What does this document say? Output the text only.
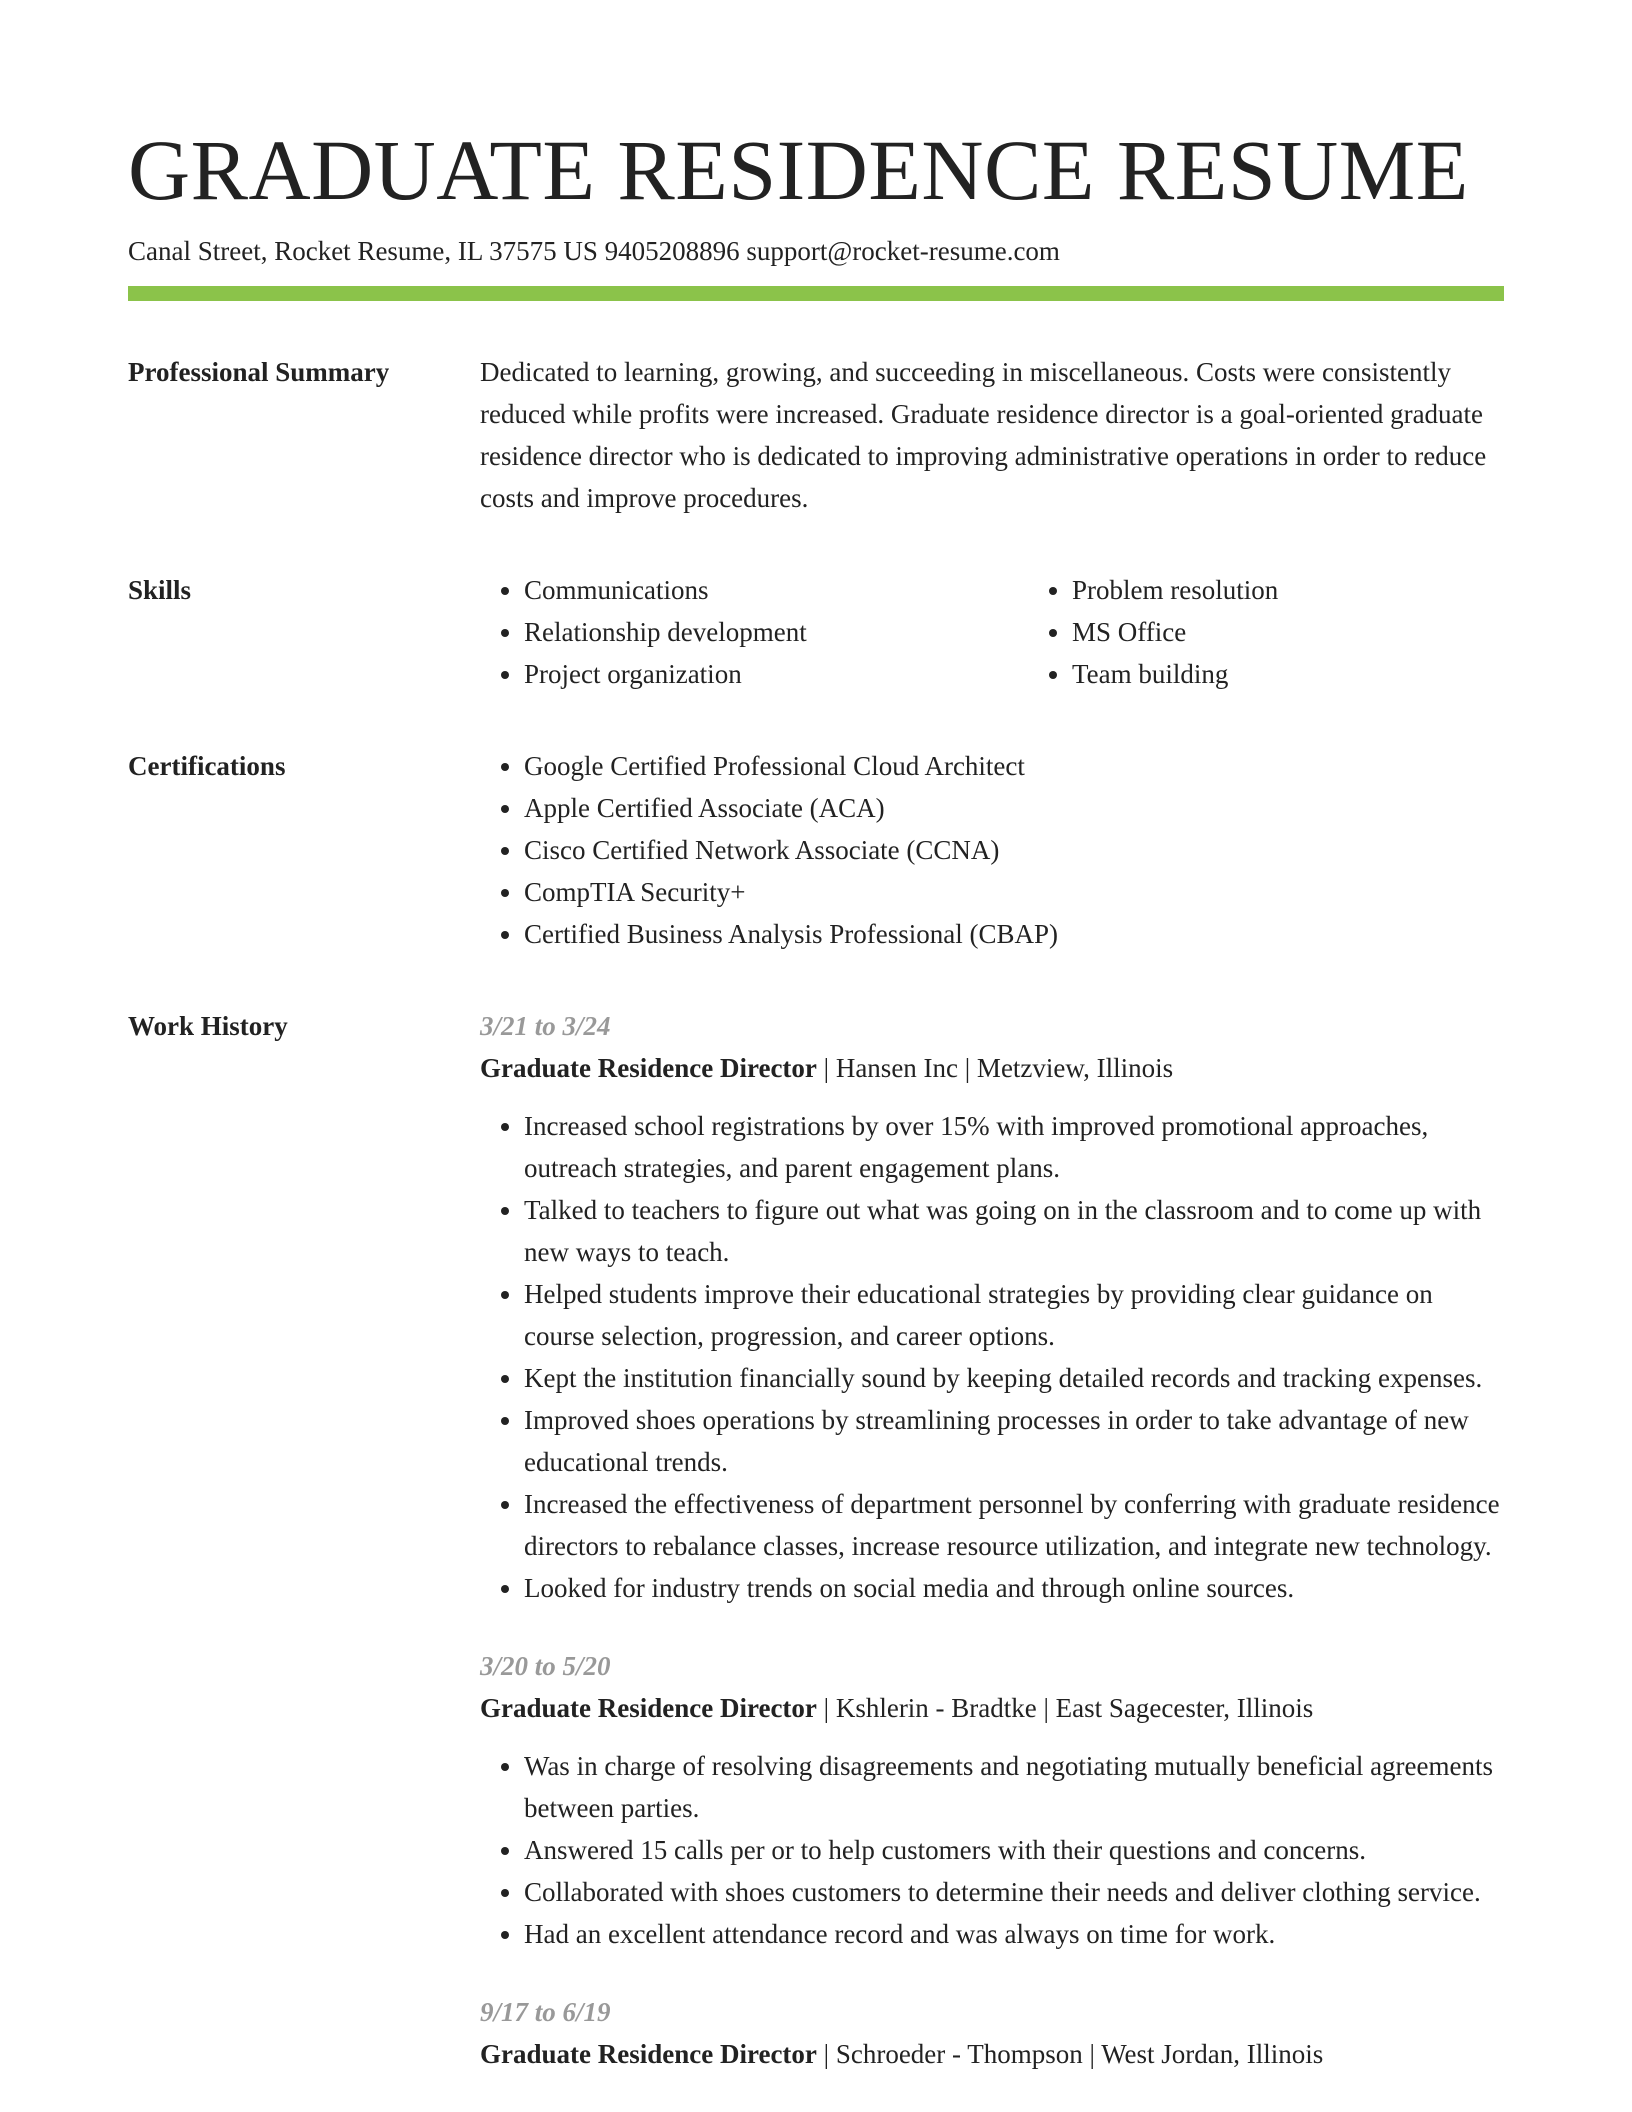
GRADUATE RESIDENCE RESUME
Canal Street, Rocket Resume, IL 37575 US 9405208896 support@rocket-resume.com
Professional Summary	Dedicated to learning, growing, and succeeding in miscellaneous. Costs were consistently reduced while profits were increased. Graduate residence director is a goal-oriented graduate residence director who is dedicated to improving administrative operations in order to reduce costs and improve procedures.

Skills	• Communications
• Relationship development
• Project organization
• Problem resolution
• MS Office
• Team building
Certifications	• Google Certified Professional Cloud Architect
• Apple Certified Associate (ACA)
• Cisco Certified Network Associate (CCNA)
• CompTIA Security+
• Certified Business Analysis Professional (CBAP)
Work History	3/21 to 3/24
Graduate Residence Director | Hansen Inc | Metzview, Illinois
• Increased school registrations by over 15% with improved promotional approaches, outreach strategies, and parent engagement plans.
• Talked to teachers to figure out what was going on in the classroom and to come up with new ways to teach.
• Helped students improve their educational strategies by providing clear guidance on course selection, progression, and career options.
• Kept the institution financially sound by keeping detailed records and tracking expenses.
• Improved shoes operations by streamlining processes in order to take advantage of new educational trends.
• Increased the effectiveness of department personnel by conferring with graduate residence directors to rebalance classes, increase resource utilization, and integrate new technology.
• Looked for industry trends on social media and through online sources.
3/20 to 5/20
Graduate Residence Director | Kshlerin - Bradtke | East Sagecester, Illinois
• Was in charge of resolving disagreements and negotiating mutually beneficial agreements between parties.
• Answered 15 calls per or to help customers with their questions and concerns.
• Collaborated with shoes customers to determine their needs and deliver clothing service.
• Had an excellent attendance record and was always on time for work.
9/17 to 6/19
Graduate Residence Director | Schroeder - Thompson | West Jordan, Illinois
